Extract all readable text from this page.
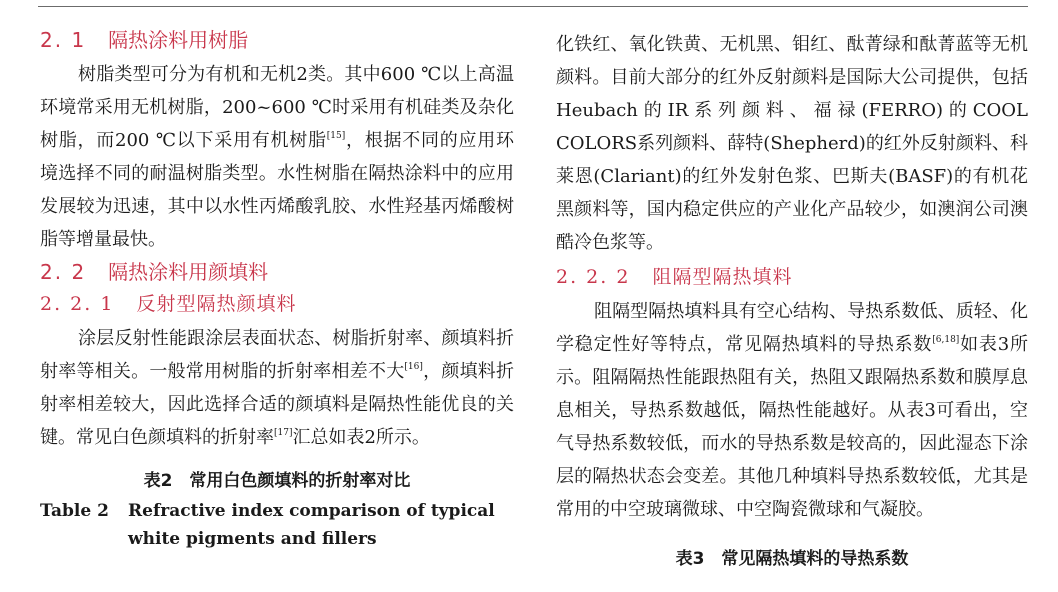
2. 1 隔热涂料用树脂

树脂类型可分为有机和无机2类。其中600 ℃以上高温环境常采用无机树脂，200~600 ℃时采用有机硅类及杂化树脂，而200 ℃以下采用有机树脂[15]，根据不同的应用环境选择不同的耐温树脂类型。水性树脂在隔热涂料中的应用发展较为迅速，其中以水性丙烯酸乳胶、水性羟基丙烯酸树脂等增量最快。

2. 2 隔热涂料用颜填料
2. 2. 1 反射型隔热颜填料

涂层反射性能跟涂层表面状态、树脂折射率、颜填料折射率等相关。一般常用树脂的折射率相差不大[16]，颜填料折射率相差较大，因此选择合适的颜填料是隔热性能优良的关键。常见白色颜填料的折射率[17]汇总如表2所示。

表2　常用白色颜填料的折射率对比
Table 2 Refractive index comparison of typical
white pigments and fillers

化铁红、氧化铁黄、无机黑、钼红、酞菁绿和酞菁蓝等无机颜料。目前大部分的红外反射颜料是国际大公司提供，包括Heubach的IR系列颜料、福禄(FERRO)的COOL COLORS系列颜料、薛特(Shepherd)的红外反射颜料、科莱恩(Clariant)的红外发射色浆、巴斯夫(BASF)的有机花黑颜料等，国内稳定供应的产业化产品较少，如澳润公司澳酷冷色浆等。

2. 2. 2 阻隔型隔热填料

阻隔型隔热填料具有空心结构、导热系数低、质轻、化学稳定性好等特点，常见隔热填料的导热系数[6,18]如表3所示。阻隔隔热性能跟热阻有关，热阻又跟隔热系数和膜厚息息相关，导热系数越低，隔热性能越好。从表3可看出，空气导热系数较低，而水的导热系数是较高的，因此湿态下涂层的隔热状态会变差。其他几种填料导热系数较低，尤其是常用的中空玻璃微球、中空陶瓷微球和气凝胶。

表3　常见隔热填料的导热系数
